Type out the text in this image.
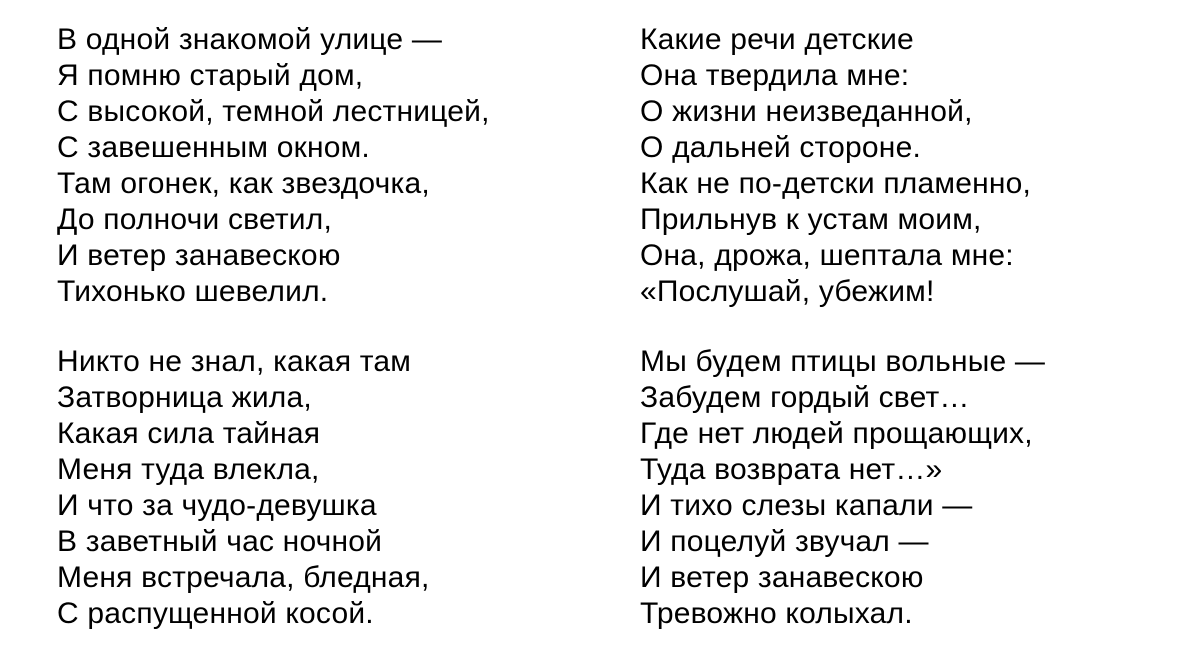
В одной знакомой улице —
Я помню старый дом,
С высокой, темной лестницей,
С завешенным окном.
Там огонек, как звездочка,
До полночи светил,
И ветер занавескою
Тихонько шевелил.
Никто не знал, какая там
Затворница жила,
Какая сила тайная
Меня туда влекла,
И что за чудо-девушка
В заветный час ночной
Меня встречала, бледная,
С распущенной косой.
Какие речи детские
Она твердила мне:
О жизни неизведанной,
О дальней стороне.
Как не по-детски пламенно,
Прильнув к устам моим,
Она, дрожа, шептала мне:
«Послушай, убежим!
Мы будем птицы вольные —
Забудем гордый свет…
Где нет людей прощающих,
Туда возврата нет…»
И тихо слезы капали —
И поцелуй звучал —
И ветер занавескою
Тревожно колыхал.
